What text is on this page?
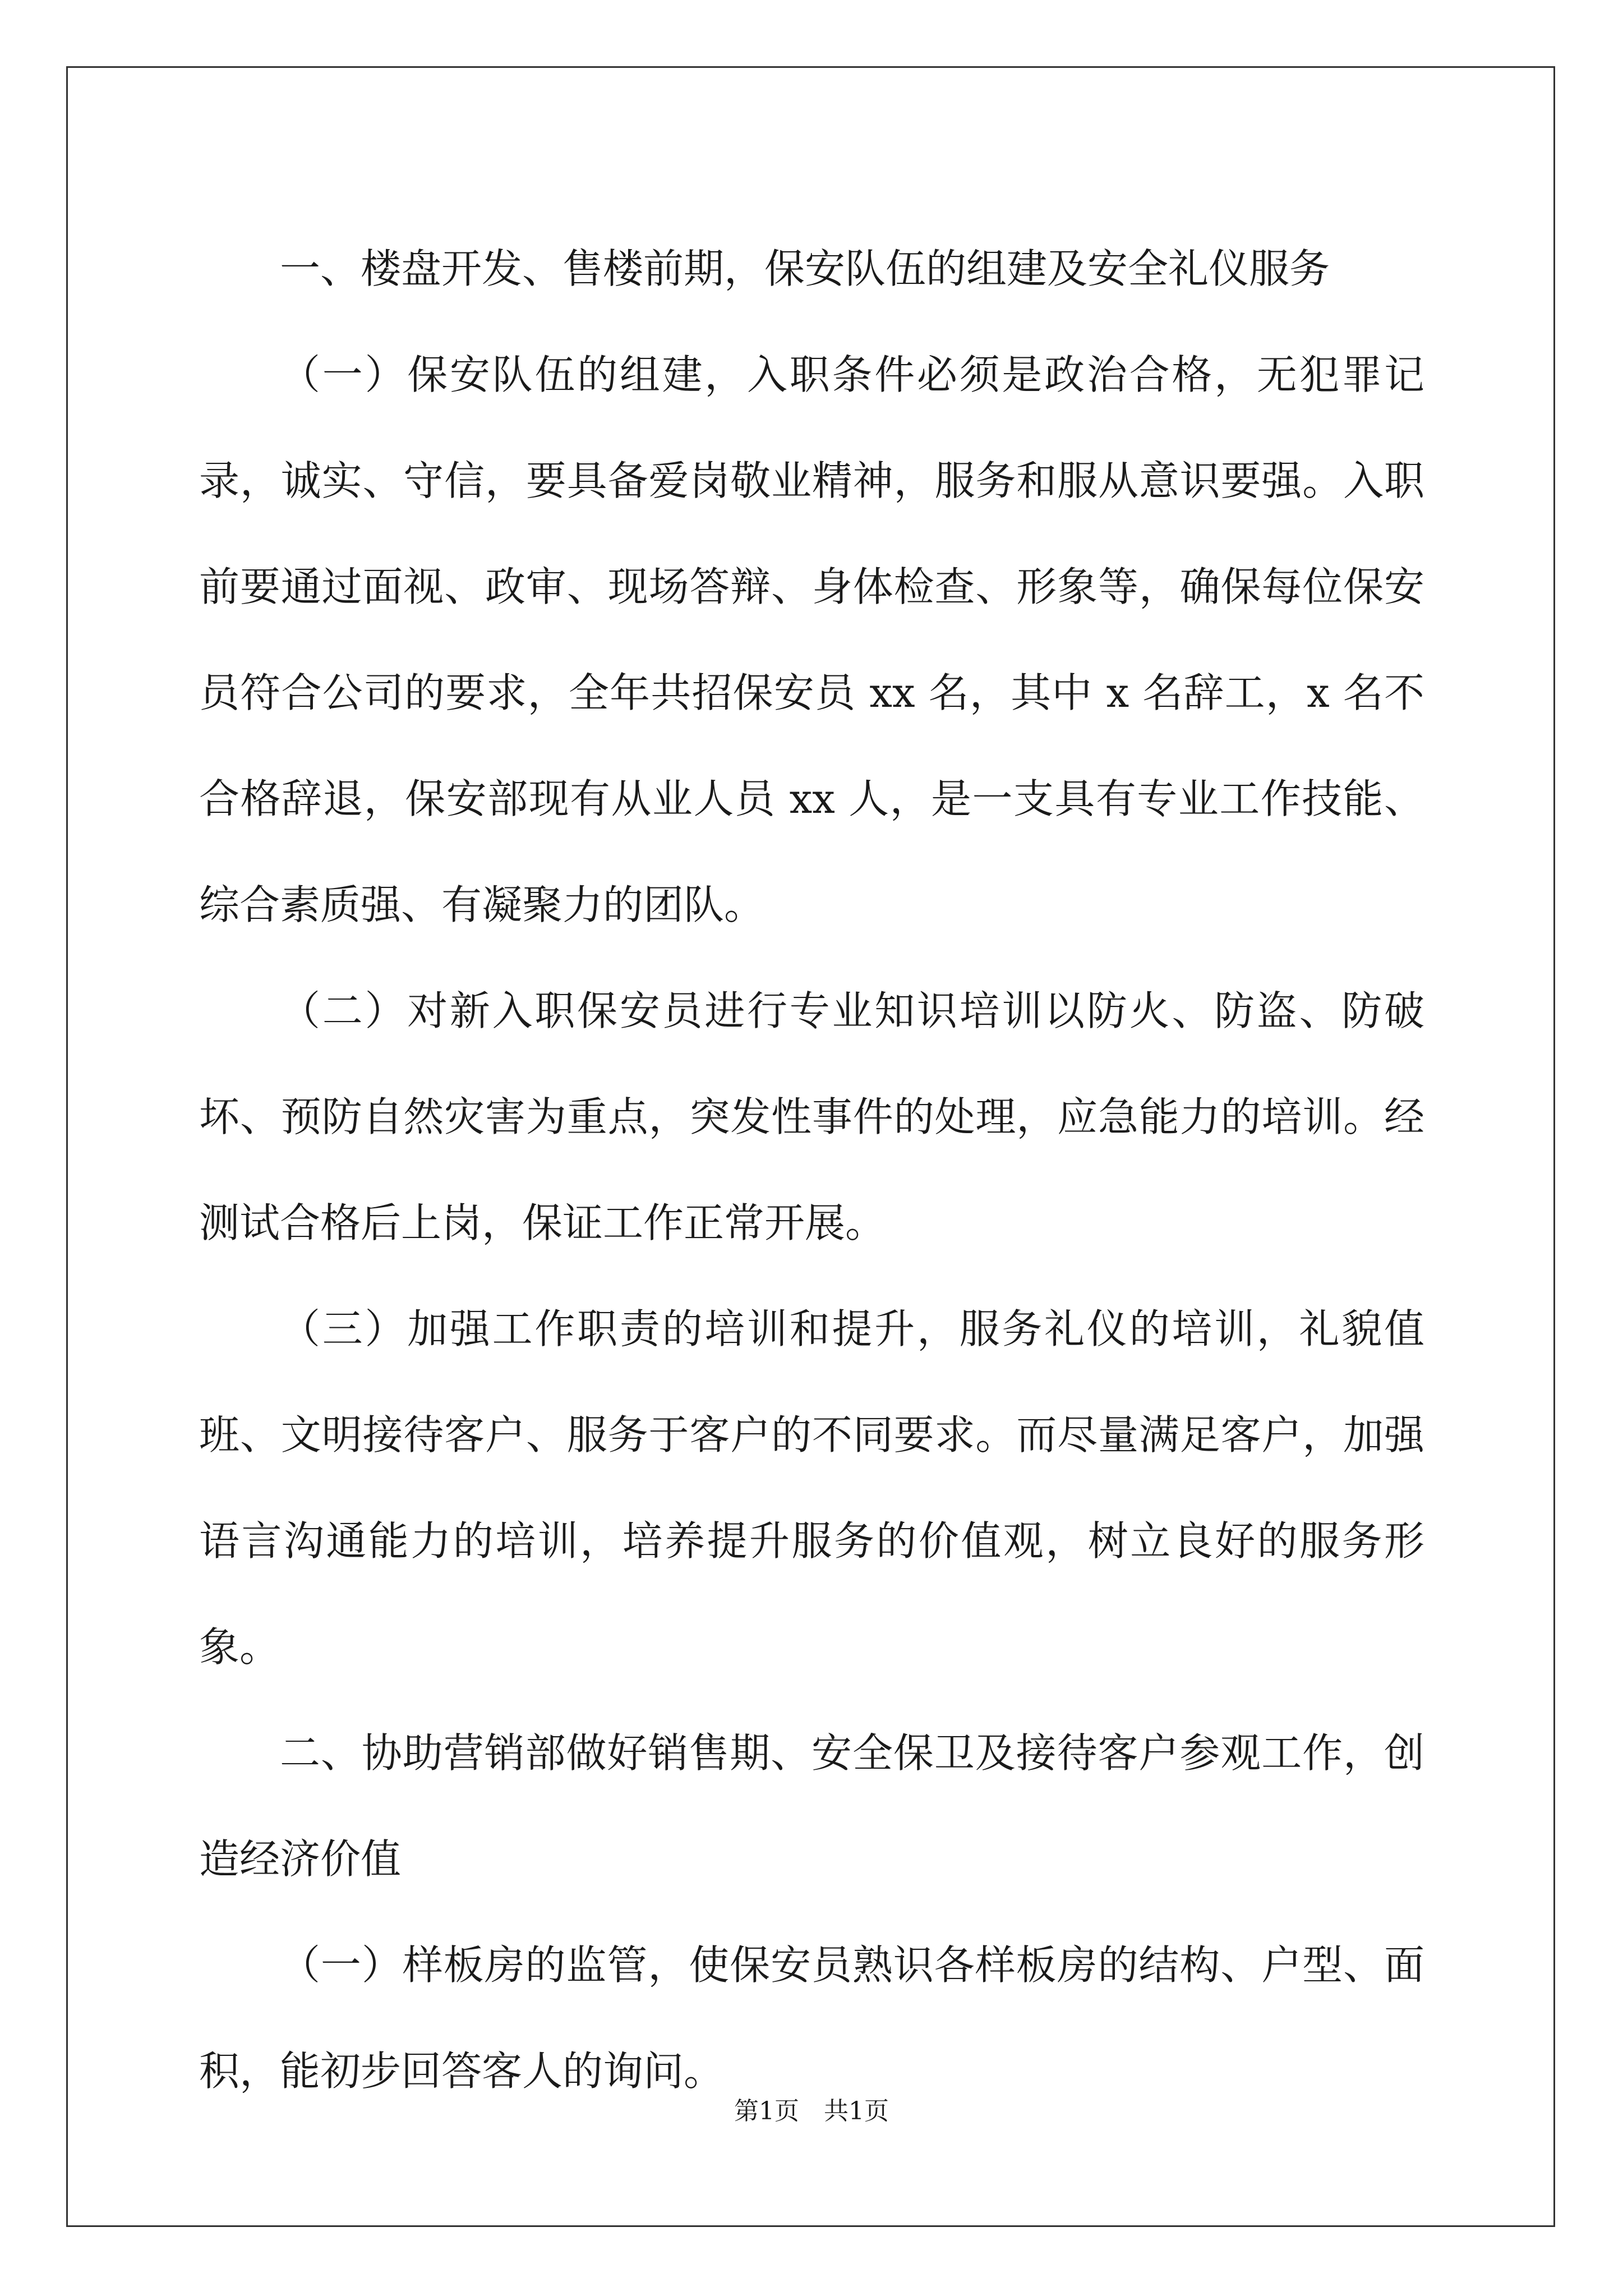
一、楼盘开发、售楼前期，保安队伍的组建及安全礼仪服务

（一）保安队伍的组建，入职条件必须是政治合格，无犯罪记录，诚实、守信，要具备爱岗敬业精神，服务和服从意识要强。入职前要通过面视、政审、现场答辩、身体检查、形象等，确保每位保安员符合公司的要求，全年共招保安员 xx 名，其中 x 名辞工，x 名不合格辞退，保安部现有从业人员 xx 人，是一支具有专业工作技能、综合素质强、有凝聚力的团队。

（二）对新入职保安员进行专业知识培训以防火、防盗、防破坏、预防自然灾害为重点，突发性事件的处理，应急能力的培训。经测试合格后上岗，保证工作正常开展。

（三）加强工作职责的培训和提升，服务礼仪的培训，礼貌值班、文明接待客户、服务于客户的不同要求。而尽量满足客户，加强语言沟通能力的培训，培养提升服务的价值观，树立良好的服务形象。

二、协助营销部做好销售期、安全保卫及接待客户参观工作，创造经济价值

（一）样板房的监管，使保安员熟识各样板房的结构、户型、面积，能初步回答客人的询问。

第1页　共1页
